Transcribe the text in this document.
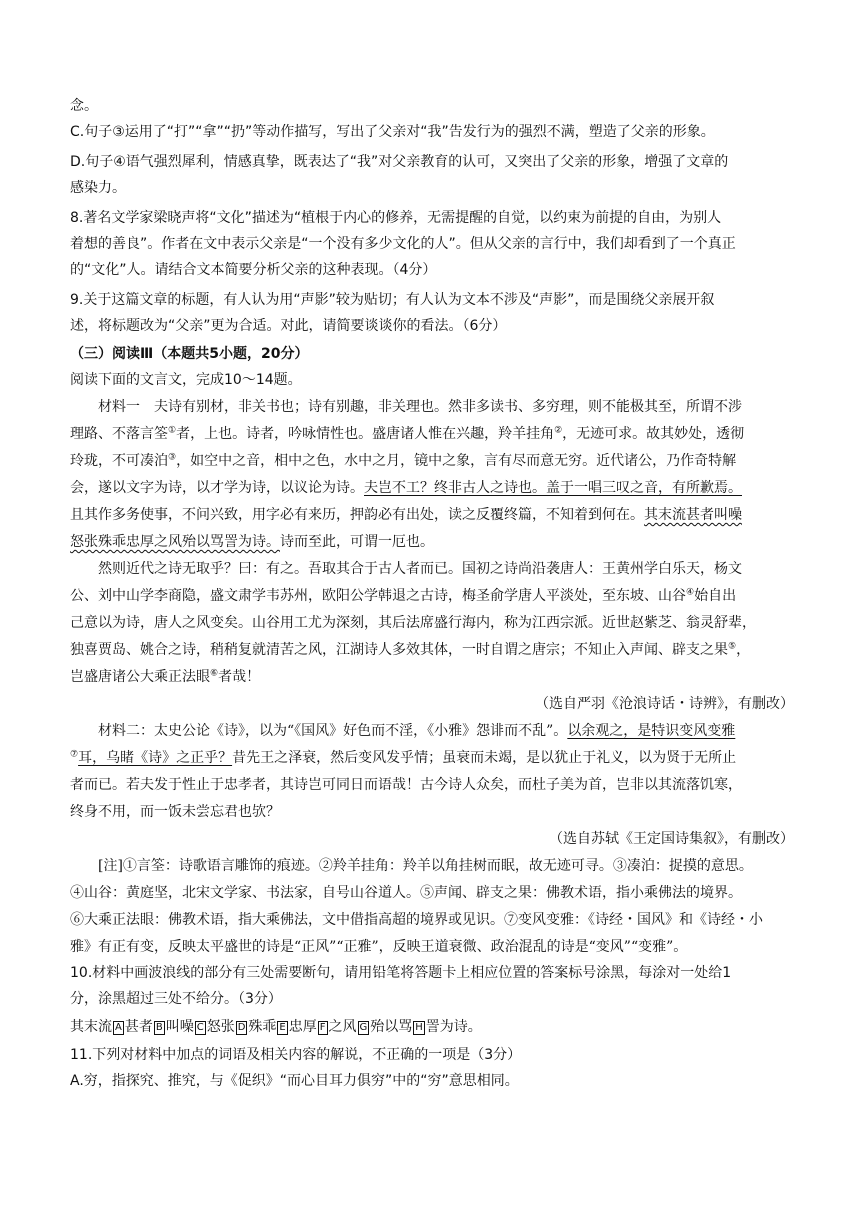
念。
C.句子③运用了“打”“拿”“扔”等动作描写，写出了父亲对“我”告发行为的强烈不满，塑造了父亲的形象。
D.句子④语气强烈犀利，情感真挚，既表达了“我”对父亲教育的认可，又突出了父亲的形象，增强了文章的
感染力。
8.著名文学家梁晓声将“文化”描述为“植根于内心的修养，无需提醒的自觉，以约束为前提的自由，为别人
着想的善良”。作者在文中表示父亲是“一个没有多少文化的人”。但从父亲的言行中，我们却看到了一个真正
的“文化”人。请结合文本简要分析父亲的这种表现。（4分）
9.关于这篇文章的标题，有人认为用“声影”较为贴切；有人认为文本不涉及“声影”，而是围绕父亲展开叙
述，将标题改为“父亲”更为合适。对此，请简要谈谈你的看法。（6分）
（三）阅读Ⅲ（本题共5小题，20分）
阅读下面的文言文，完成10～14题。
材料一　夫诗有别材，非关书也；诗有别趣，非关理也。然非多读书、多穷理，则不能极其至，所谓不涉
理路、不落言筌①者，上也。诗者，吟咏情性也。盛唐诸人惟在兴趣，羚羊挂角②，无迹可求。故其妙处，透彻
玲珑，不可凑泊③，如空中之音，相中之色，水中之月，镜中之象，言有尽而意无穷。近代诸公，乃作奇特解
会，遂以文字为诗，以才学为诗，以议论为诗。夫岂不工？终非古人之诗也。盖于一唱三叹之音，有所歉焉。
且其作多务使事，不问兴致，用字必有来历，押韵必有出处，读之反覆终篇，不知着到何在。其末流甚者叫噪
怒张殊乖忠厚之风殆以骂詈为诗。诗而至此，可谓一厄也。
然则近代之诗无取乎？曰：有之。吾取其合于古人者而已。国初之诗尚沿袭唐人：王黄州学白乐天，杨文
公、刘中山学李商隐，盛文肃学韦苏州，欧阳公学韩退之古诗，梅圣俞学唐人平淡处，至东坡、山谷④始自出
己意以为诗，唐人之风变矣。山谷用工尤为深刻，其后法席盛行海内，称为江西宗派。近世赵紫芝、翁灵舒辈，
独喜贾岛、姚合之诗，稍稍复就清苦之风，江湖诗人多效其体，一时自谓之唐宗；不知止入声闻、辟支之果⑤，
岂盛唐诸公大乘正法眼⑥者哉！
（选自严羽《沧浪诗话・诗辨》，有删改）
材料二：太史公论《诗》，以为“《国风》好色而不淫，《小雅》怨诽而不乱”。以余观之，是特识变风变雅
⑦耳，乌睹《诗》之正乎？昔先王之泽衰，然后变风发乎情；虽衰而未竭，是以犹止于礼义，以为贤于无所止
者而已。若夫发于性止于忠孝者，其诗岂可同日而语哉！古今诗人众矣，而杜子美为首，岂非以其流落饥寒，
终身不用，而一饭未尝忘君也欤？
（选自苏轼《王定国诗集叙》，有删改）
[注]①言筌：诗歌语言雕饰的痕迹。②羚羊挂角：羚羊以角挂树而眠，故无迹可寻。③凑泊：捉摸的意思。
④山谷：黄庭坚，北宋文学家、书法家，自号山谷道人。⑤声闻、辟支之果：佛教术语，指小乘佛法的境界。
⑥大乘正法眼：佛教术语，指大乘佛法，文中借指高超的境界或见识。⑦变风变雅：《诗经・国风》和《诗经・小
雅》有正有变，反映太平盛世的诗是“正风”“正雅”，反映王道衰微、政治混乱的诗是“变风”“变雅”。
10.材料中画波浪线的部分有三处需要断句，请用铅笔将答题卡上相应位置的答案标号涂黑，每涂对一处给1
分，涂黑超过三处不给分。（3分）
其末流 A 甚者 B 叫噪 C 怒张 D 殊乖 E 忠厚 F 之风 G 殆以骂 H 詈为诗。
11.下列对材料中加点的词语及相关内容的解说，不正确的一项是（3分）
A.穷，指探究、推究，与《促织》“而心目耳力俱穷”中的“穷”意思相同。
